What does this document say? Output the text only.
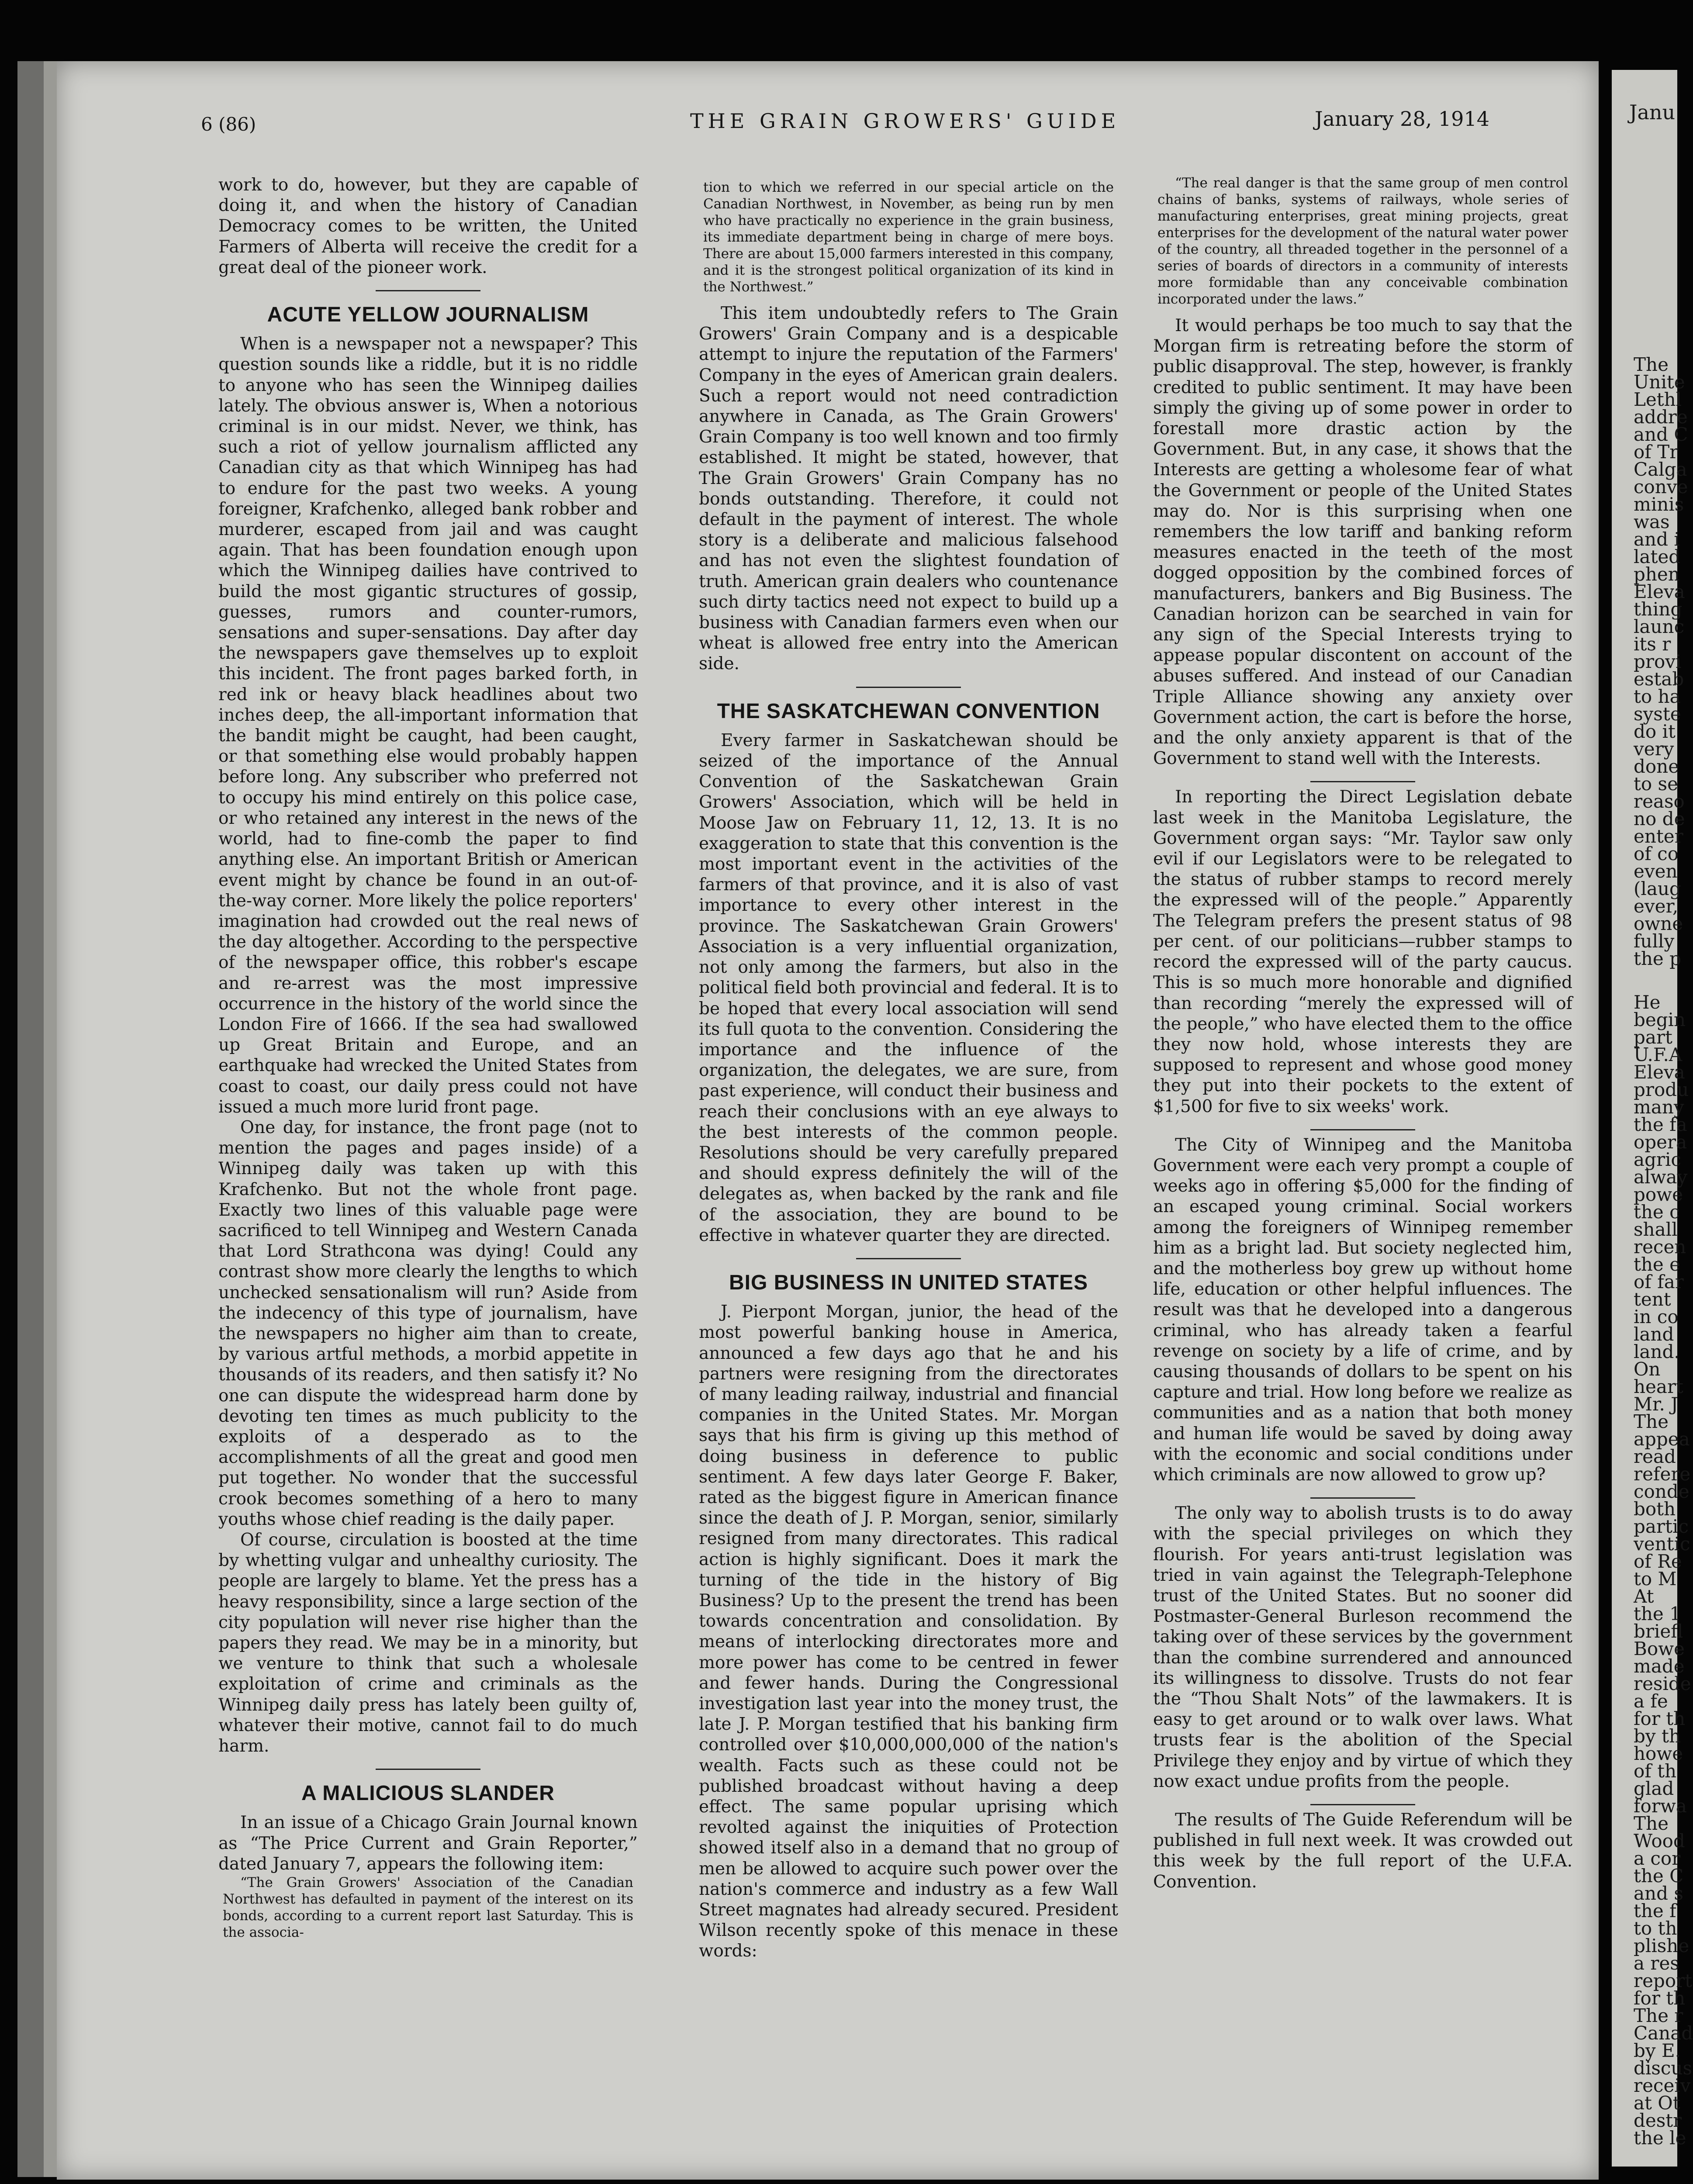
6 (86)	THE GRAIN GROWERS' GUIDE	January 28, 1914

work to do, however, but they are capable of doing it, and when the history of Canadian Democracy comes to be written, the United Farmers of Alberta will receive the credit for a great deal of the pioneer work.

ACUTE YELLOW JOURNALISM

When is a newspaper not a newspaper? This question sounds like a riddle, but it is no riddle to anyone who has seen the Winnipeg dailies lately. The obvious answer is, When a notorious criminal is in our midst. Never, we think, has such a riot of yellow journalism afflicted any Canadian city as that which Winnipeg has had to endure for the past two weeks. A young foreigner, Krafchenko, alleged bank robber and murderer, escaped from jail and was caught again. That has been foundation enough upon which the Winnipeg dailies have contrived to build the most gigantic structures of gossip, guesses, rumors and counter-rumors, sensations and super-sensations. Day after day the newspapers gave themselves up to exploit this incident. The front pages barked forth, in red ink or heavy black headlines about two inches deep, the all-important information that the bandit might be caught, had been caught, or that something else would probably happen before long. Any subscriber who preferred not to occupy his mind entirely on this police case, or who retained any interest in the news of the world, had to fine-comb the paper to find anything else. An important British or American event might by chance be found in an out-of-the-way corner. More likely the police reporters' imagination had crowded out the real news of the day altogether. According to the perspective of the newspaper office, this robber's escape and re-arrest was the most impressive occurrence in the history of the world since the London Fire of 1666. If the sea had swallowed up Great Britain and Europe, and an earthquake had wrecked the United States from coast to coast, our daily press could not have issued a much more lurid front page.

One day, for instance, the front page (not to mention the pages and pages inside) of a Winnipeg daily was taken up with this Krafchenko. But not the whole front page. Exactly two lines of this valuable page were sacrificed to tell Winnipeg and Western Canada that Lord Strathcona was dying! Could any contrast show more clearly the lengths to which unchecked sensationalism will run? Aside from the indecency of this type of journalism, have the newspapers no higher aim than to create, by various artful methods, a morbid appetite in thousands of its readers, and then satisfy it? No one can dispute the widespread harm done by devoting ten times as much publicity to the exploits of a desperado as to the accomplishments of all the great and good men put together. No wonder that the successful crook becomes something of a hero to many youths whose chief reading is the daily paper.

Of course, circulation is boosted at the time by whetting vulgar and unhealthy curiosity. The people are largely to blame. Yet the press has a heavy responsibility, since a large section of the city population will never rise higher than the papers they read. We may be in a minority, but we venture to think that such a wholesale exploitation of crime and criminals as the Winnipeg daily press has lately been guilty of, whatever their motive, cannot fail to do much harm.

A MALICIOUS SLANDER

In an issue of a Chicago Grain Journal known as “The Price Current and Grain Reporter,” dated January 7, appears the following item:

“The Grain Growers' Association of the Canadian Northwest has defaulted in payment of the interest on its bonds, according to a current report last Saturday. This is the associa-

tion to which we referred in our special article on the Canadian Northwest, in November, as being run by men who have practically no experience in the grain business, its immediate department being in charge of mere boys. There are about 15,000 farmers interested in this company, and it is the strongest political organization of its kind in the Northwest.”

This item undoubtedly refers to The Grain Growers' Grain Company and is a despicable attempt to injure the reputation of the Farmers' Company in the eyes of American grain dealers. Such a report would not need contradiction anywhere in Canada, as The Grain Growers' Grain Company is too well known and too firmly established. It might be stated, however, that The Grain Growers' Grain Company has no bonds outstanding. Therefore, it could not default in the payment of interest. The whole story is a deliberate and malicious falsehood and has not even the slightest foundation of truth. American grain dealers who countenance such dirty tactics need not expect to build up a business with Canadian farmers even when our wheat is allowed free entry into the American side.

THE SASKATCHEWAN CONVENTION

Every farmer in Saskatchewan should be seized of the importance of the Annual Convention of the Saskatchewan Grain Growers' Association, which will be held in Moose Jaw on February 11, 12, 13. It is no exaggeration to state that this convention is the most important event in the activities of the farmers of that province, and it is also of vast importance to every other interest in the province. The Saskatchewan Grain Growers' Association is a very influential organization, not only among the farmers, but also in the political field both provincial and federal. It is to be hoped that every local association will send its full quota to the convention. Considering the importance and the influence of the organization, the delegates, we are sure, from past experience, will conduct their business and reach their conclusions with an eye always to the best interests of the common people. Resolutions should be very carefully prepared and should express definitely the will of the delegates as, when backed by the rank and file of the association, they are bound to be effective in whatever quarter they are directed.

BIG BUSINESS IN UNITED STATES

J. Pierpont Morgan, junior, the head of the most powerful banking house in America, announced a few days ago that he and his partners were resigning from the directorates of many leading railway, industrial and financial companies in the United States. Mr. Morgan says that his firm is giving up this method of doing business in deference to public sentiment. A few days later George F. Baker, rated as the biggest figure in American finance since the death of J. P. Morgan, senior, similarly resigned from many directorates. This radical action is highly significant. Does it mark the turning of the tide in the history of Big Business? Up to the present the trend has been towards concentration and consolidation. By means of interlocking directorates more and more power has come to be centred in fewer and fewer hands. During the Congressional investigation last year into the money trust, the late J. P. Morgan testified that his banking firm controlled over $10,000,000,000 of the nation's wealth. Facts such as these could not be published broadcast without having a deep effect. The same popular uprising which revolted against the iniquities of Protection showed itself also in a demand that no group of men be allowed to acquire such power over the nation's commerce and industry as a few Wall Street magnates had already secured. President Wilson recently spoke of this menace in these words:

“The real danger is that the same group of men control chains of banks, systems of railways, whole series of manufacturing enterprises, great mining projects, great enterprises for the development of the natural water power of the country, all threaded together in the personnel of a series of boards of directors in a community of interests more formidable than any conceivable combination incorporated under the laws.”

It would perhaps be too much to say that the Morgan firm is retreating before the storm of public disapproval. The step, however, is frankly credited to public sentiment. It may have been simply the giving up of some power in order to forestall more drastic action by the Government. But, in any case, it shows that the Interests are getting a wholesome fear of what the Government or people of the United States may do. Nor is this surprising when one remembers the low tariff and banking reform measures enacted in the teeth of the most dogged opposition by the combined forces of manufacturers, bankers and Big Business. The Canadian horizon can be searched in vain for any sign of the Special Interests trying to appease popular discontent on account of the abuses suffered. And instead of our Canadian Triple Alliance showing any anxiety over Government action, the cart is before the horse, and the only anxiety apparent is that of the Government to stand well with the Interests.

In reporting the Direct Legislation debate last week in the Manitoba Legislature, the Government organ says: “Mr. Taylor saw only evil if our Legislators were to be relegated to the status of rubber stamps to record merely the expressed will of the people.” Apparently The Telegram prefers the present status of 98 per cent. of our politicians—rubber stamps to record the expressed will of the party caucus. This is so much more honorable and dignified than recording “merely the expressed will of the people,” who have elected them to the office they now hold, whose interests they are supposed to represent and whose good money they put into their pockets to the extent of $1,500 for five to six weeks' work.

The City of Winnipeg and the Manitoba Government were each very prompt a couple of weeks ago in offering $5,000 for the finding of an escaped young criminal. Social workers among the foreigners of Winnipeg remember him as a bright lad. But society neglected him, and the motherless boy grew up without home life, education or other helpful influences. The result was that he developed into a dangerous criminal, who has already taken a fearful revenge on society by a life of crime, and by causing thousands of dollars to be spent on his capture and trial. How long before we realize as communities and as a nation that both money and human life would be saved by doing away with the economic and social conditions under which criminals are now allowed to grow up?

The only way to abolish trusts is to do away with the special privileges on which they flourish. For years anti-trust legislation was tried in vain against the Telegraph-Telephone trust of the United States. But no sooner did Postmaster-General Burleson recommend the taking over of these services by the government than the combine surrendered and announced its willingness to dissolve. Trusts do not fear the “Thou Shalt Nots” of the lawmakers. It is easy to get around or to walk over laws. What trusts fear is the abolition of the Special Privilege they enjoy and by virtue of which they now exact undue profits from the people.

The results of The Guide Referendum will be published in full next week. It was crowded out this week by the full report of the U.F.A. Convention.

Janu
The
Unite
Lethl
addre
and C
of Tr
Calga
conve
minis
was
and i
lated
phen
Eleva
thing
launc
its r
provi
estab
to ha
syste
do it
very
done
to se
reaso
no de
enter
of co
even
(laug
ever,
owne
fully
the p
He
begin
part
U.F.A
Eleva
produ
many
the fa
opera
agric
alway
powe
the c
shall
recen
the e
of far
tent
in co
land
land.
On
heart
Mr. J
The
appea
read
refere
conde
both
partic
ventic
of Re
to M
At
the 1
briefl
Bowe
made
reside
a fe
for th
by th
howe
of th
glad
forwa
The
Wood
a cor
the C
and s
the f
to th
plishe
a res
report
for th
The r
Canad
by E.
discus
receiv
at Ot
destr
the le
